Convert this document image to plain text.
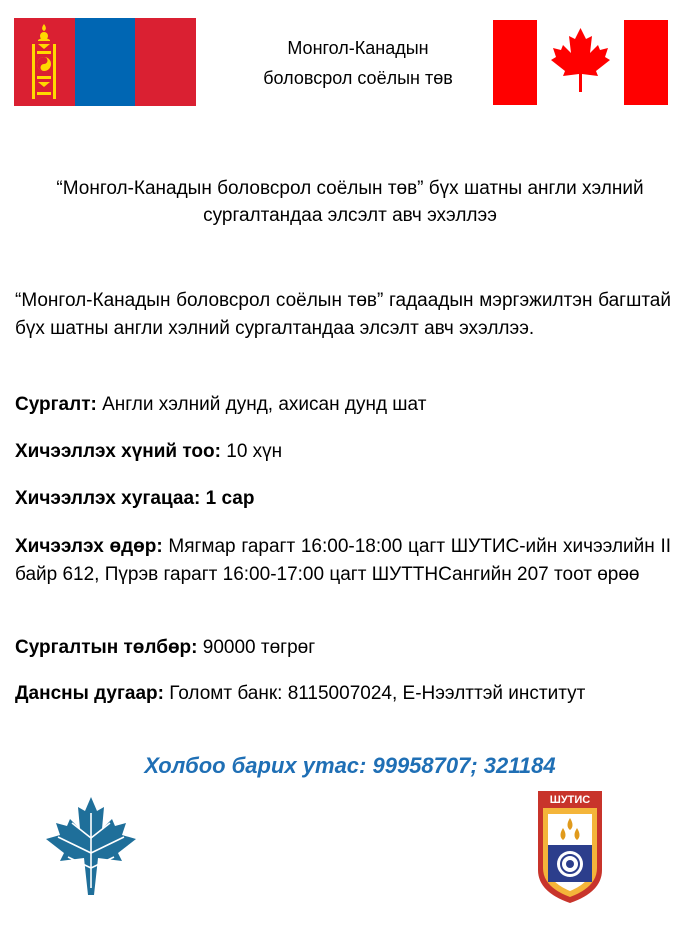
Монгол-Канадын
боловсрол соёлын төв
“Монгол-Канадын боловсрол соёлын төв” бүх шатны англи хэлний сургалтандаа элсэлт авч эхэллээ
“Монгол-Канадын боловсрол соёлын төв” гадаадын мэргэжилтэн багштай бүх шатны англи хэлний сургалтандаа элсэлт авч эхэллээ.
Сургалт: Англи хэлний дунд, ахисан дунд шат
Хичээллэх хүний тоо: 10 хүн
Хичээллэх хугацаа: 1 сар
Хичээлэх өдөр: Мягмар гарагт 16:00-18:00 цагт ШУТИС-ийн хичээлийн II байр 612, Пүрэв гарагт 16:00-17:00 цагт ШУТТНСангийн 207 тоот өрөө
Сургалтын төлбөр: 90000 төгрөг
Дансны дугаар: Голомт банк: 8115007024, Е-Нээлттэй институт
Холбоо барих утас: 99958707; 321184
ШУТИС
